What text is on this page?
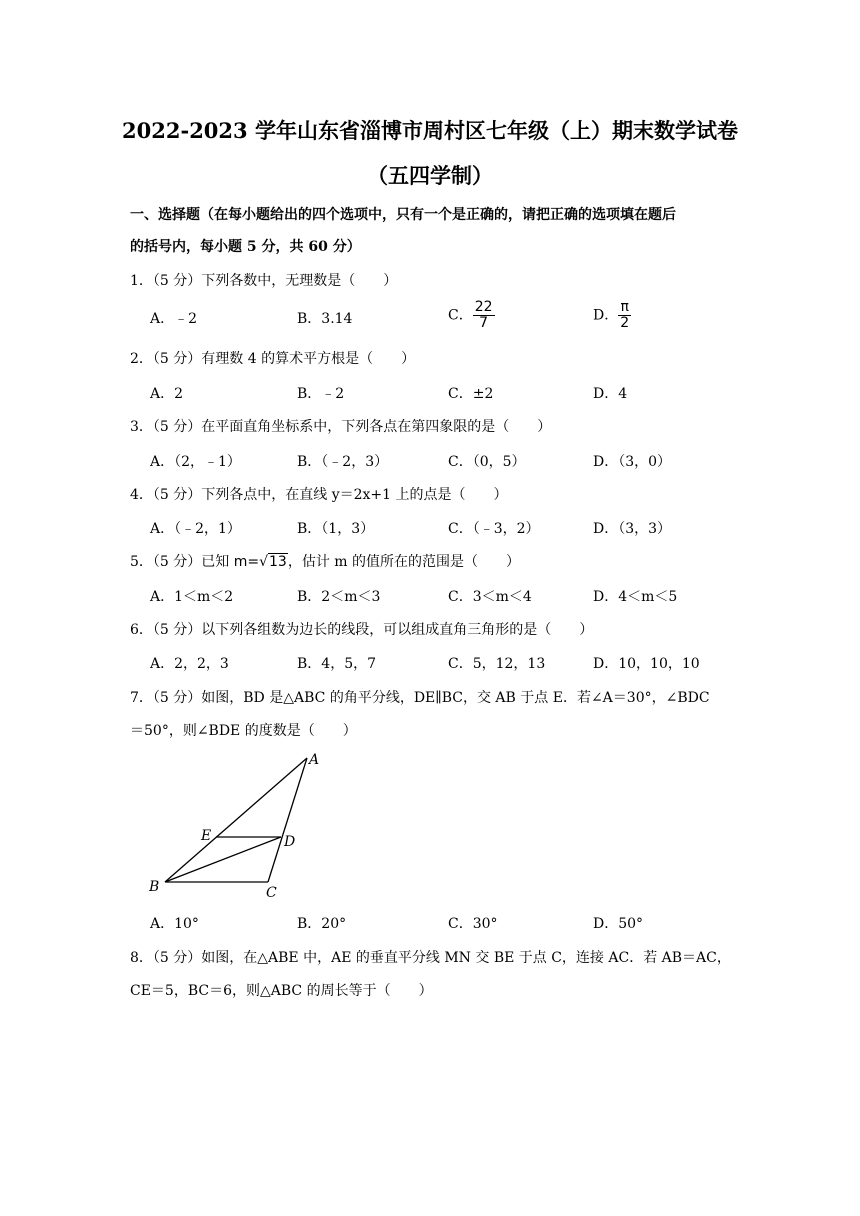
2022-2023 学年山东省淄博市周村区七年级（上）期末数学试卷
（五四学制）
一、选择题（在每小题给出的四个选项中，只有一个是正确的，请把正确的选项填在题后
的括号内，每小题 5 分，共 60 分）
1．（5 分）下列各数中，无理数是（　　）
A．﹣2	B．3.14	C． $\frac{22}{7}$	D． $\frac{\pi}{2}$
2．（5 分）有理数 4 的算术平方根是（　　）
A．2	B．﹣2	C．±2	D．4
3．（5 分）在平面直角坐标系中，下列各点在第四象限的是（　　）
A．（2，﹣1）	B．（﹣2，3）	C．（0，5）	D．（3，0）
4．（5 分）下列各点中，在直线 y＝2x+1 上的点是（　　）
A．（﹣2，1）	B．（1，3）	C．（﹣3，2）	D．（3，3）
5．（5 分）已知 m=√13，估计 m 的值所在的范围是（　　）
A．1＜m＜2	B．2＜m＜3	C．3＜m＜4	D．4＜m＜5
6．（5 分）以下列各组数为边长的线段，可以组成直角三角形的是（　　）
A．2，2，3	B．4，5，7	C．5，12，13	D．10，10，10
7．（5 分）如图，BD 是△ABC 的角平分线，DE∥BC，交 AB 于点 E．若∠A＝30°，∠BDC
＝50°，则∠BDE 的度数是（　　）
A
B	C
D
E
A．10°	B．20°	C．30°	D．50°
8．（5 分）如图，在△ABE 中，AE 的垂直平分线 MN 交 BE 于点 C，连接 AC．若 AB＝AC，
CE＝5，BC＝6，则△ABC 的周长等于（　　）
